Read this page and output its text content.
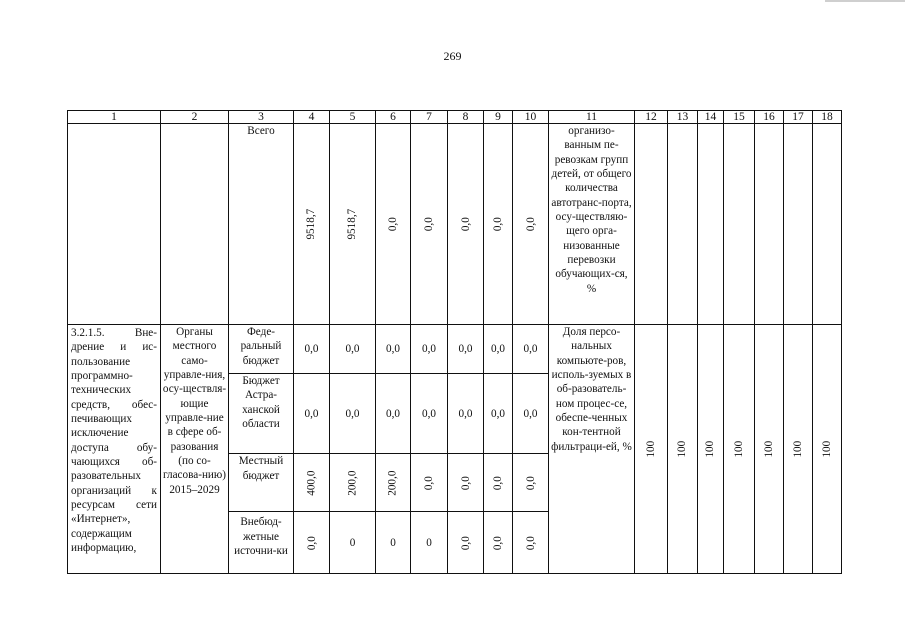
269
1	2	3	4	5	6	7	8	9	10	11	12	13	14	15	16	17	18
		Всего	9518,7	9518,7	0,0	0,0	0,0	0,0	0,0	организо-ванным пе-ревозкам групп детей, от общего количества автотранс-порта, осу-ществляю-щего орга-низованные перевозки обучающих-ся, %							
3.2.1.5. Вне-дрение и ис-пользование программно-технических средств, обес-печивающих исключение доступа обу-чающихся об-разовательных организаций к ресурсам сети «Интернет», содержащим информацию,	Органы местного само-управле-ния, осу-ществля-ющие управле-ние в сфере об-разования (по со-гласова-нию) 2015–2029	Феде-ральный бюджет	0,0	0,0	0,0	0,0	0,0	0,0	0,0	Доля персо-нальных компьюте-ров, исполь-зуемых в об-разователь-ном процес-се, обеспе-ченных кон-тентной фильтраци-ей, %	100	100	100	100	100	100	100

		Бюджет Астра-ханской области	0,0	0,0	0,0	0,0	0,0	0,0	0,0								
		Местный бюджет	400,0	200,0	200,0	0,0	0,0	0,0	0,0								

		Внебюд-жетные источни-ки	0,0	0	0	0	0,0	0,0	0,0								
